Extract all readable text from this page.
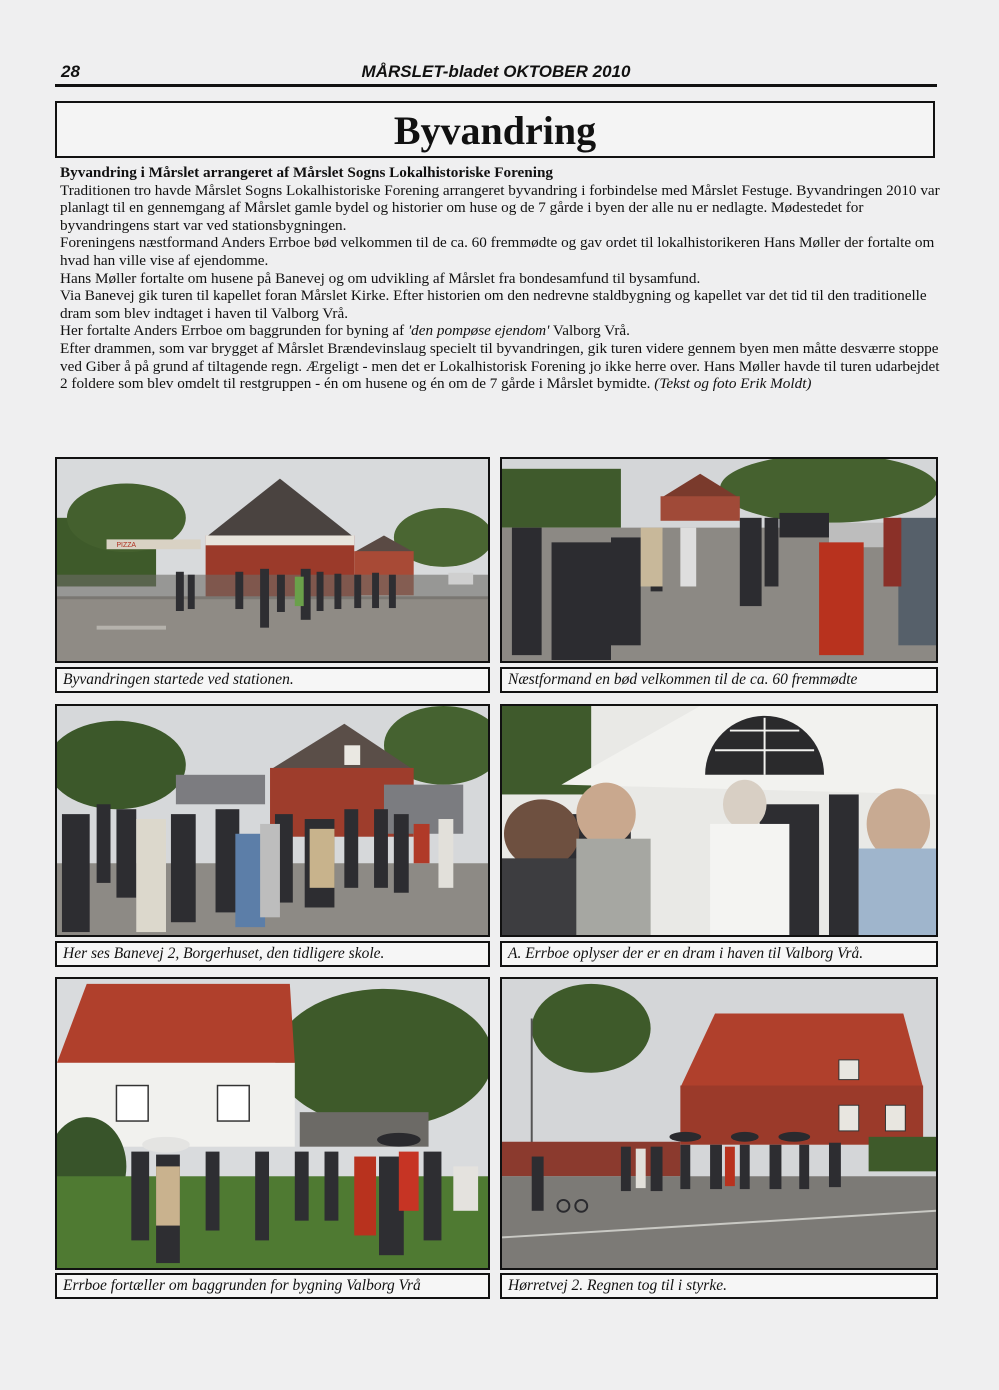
28	MÅRSLET-bladet OKTOBER 2010
Byvandring

Byvandring i Mårslet arrangeret af Mårslet Sogns Lokalhistoriske Forening

Traditionen tro havde Mårslet Sogns Lokalhistoriske Forening arrangeret byvandring i forbindelse med Mårslet Festuge. Byvandringen 2010 var planlagt til en gennemgang af Mårslet gamle bydel og historier om huse og de 7 gårde i byen der alle nu er nedlagte. Mødestedet for byvandringens start var ved stationsbygningen.

Foreningens næstformand Anders Errboe bød velkommen til de ca. 60 fremmødte og gav ordet til lokalhistorikeren Hans Møller der fortalte om hvad han ville vise af ejendomme.

Hans Møller fortalte om husene på Banevej og om udvikling af Mårslet fra bondesamfund til bysamfund.

Via Banevej gik turen til kapellet foran Mårslet Kirke. Efter historien om den nedrevne staldbygning og kapellet var det tid til den traditionelle dram som blev indtaget i haven til Valborg Vrå.

Her fortalte Anders Errboe om baggrunden for byning af 'den pompøse ejendom' Valborg Vrå.

Efter drammen, som var brygget af Mårslet Brændevinslaug specielt til byvandringen, gik turen videre gennem byen men måtte desværre stoppe ved Giber å på grund af tiltagende regn. Ærgeligt - men det er Lokalhistorisk Forening jo ikke herre over. Hans Møller havde til turen udarbejdet 2 foldere som blev omdelt til restgruppen - én om husene og én om de 7 gårde i Mårslet bymidte. (Tekst og foto Erik Moldt)

PIZZA
Byvandringen startede ved stationen.	Næstformand en bød velkommen til de ca. 60 fremmødte
Her ses Banevej 2, Borgerhuset, den tidligere skole.	A. Errboe oplyser der er en dram i haven til Valborg Vrå.
Errboe fortæller om baggrunden for bygning Valborg Vrå	Hørretvej 2. Regnen tog til i styrke.
